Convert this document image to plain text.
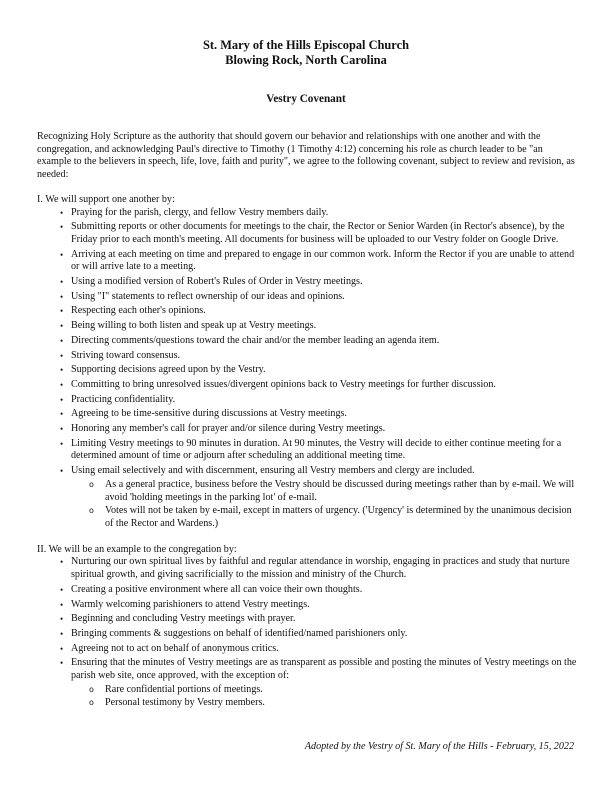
St. Mary of the Hills Episcopal Church
Blowing Rock, North Carolina
Vestry Covenant

Recognizing Holy Scripture as the authority that should govern our behavior and relationships with one another and with the congregation, and acknowledging Paul's directive to Timothy (1 Timothy 4:12) concerning his role as church leader to be "an example to the believers in speech, life, love, faith and purity", we agree to the following covenant, subject to review and revision, as needed:

I. We will support one another by:

• Praying for the parish, clergy, and fellow Vestry members daily.
• Submitting reports or other documents for meetings to the chair, the Rector or Senior Warden (in Rector's absence), by the Friday prior to each month's meeting. All documents for business will be uploaded to our Vestry folder on Google Drive.
• Arriving at each meeting on time and prepared to engage in our common work. Inform the Rector if you are unable to attend or will arrive late to a meeting.
• Using a modified version of Robert's Rules of Order in Vestry meetings.
• Using "I" statements to reflect ownership of our ideas and opinions.
• Respecting each other's opinions.
• Being willing to both listen and speak up at Vestry meetings.
• Directing comments/questions toward the chair and/or the member leading an agenda item.
• Striving toward consensus.
• Supporting decisions agreed upon by the Vestry.
• Committing to bring unresolved issues/divergent opinions back to Vestry meetings for further discussion.
• Practicing confidentiality.
• Agreeing to be time-sensitive during discussions at Vestry meetings.
• Honoring any member's call for prayer and/or silence during Vestry meetings.
• Limiting Vestry meetings to 90 minutes in duration. At 90 minutes, the Vestry will decide to either continue meeting for a determined amount of time or adjourn after scheduling an additional meeting time.
• Using email selectively and with discernment, ensuring all Vestry members and clergy are included.
o As a general practice, business before the Vestry should be discussed during meetings rather than by e-mail. We will avoid 'holding meetings in the parking lot' of e-mail.
o Votes will not be taken by e-mail, except in matters of urgency. ('Urgency' is determined by the unanimous decision of the Rector and Wardens.)

II. We will be an example to the congregation by:

• Nurturing our own spiritual lives by faithful and regular attendance in worship, engaging in practices and study that nurture spiritual growth, and giving sacrificially to the mission and ministry of the Church.
• Creating a positive environment where all can voice their own thoughts.
• Warmly welcoming parishioners to attend Vestry meetings.
• Beginning and concluding Vestry meetings with prayer.
• Bringing comments & suggestions on behalf of identified/named parishioners only.
• Agreeing not to act on behalf of anonymous critics.
• Ensuring that the minutes of Vestry meetings are as transparent as possible and posting the minutes of Vestry meetings on the parish web site, once approved, with the exception of:
o Rare confidential portions of meetings.
o Personal testimony by Vestry members.
Adopted by the Vestry of St. Mary of the Hills - February, 15, 2022
